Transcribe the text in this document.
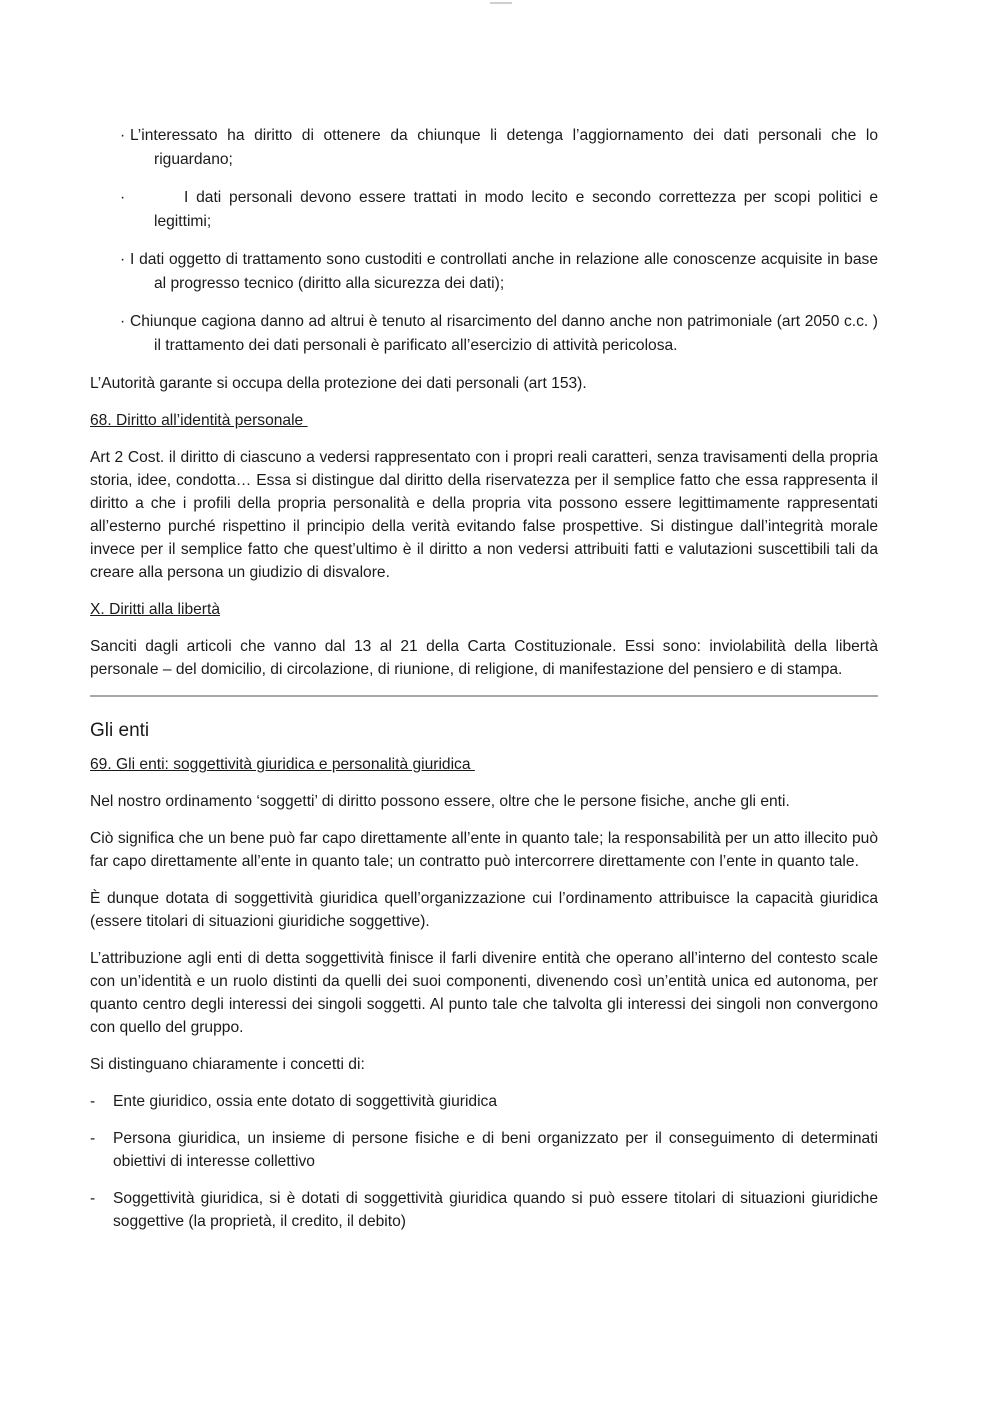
· L’interessato ha diritto di ottenere da chiunque li detenga l’aggiornamento dei dati personali che lo riguardano;
·	I dati personali devono essere trattati in modo lecito e secondo correttezza per scopi politici e legittimi;
· I dati oggetto di trattamento sono custoditi e controllati anche in relazione alle conoscenze acquisite in base al progresso tecnico (diritto alla sicurezza dei dati);
· Chiunque cagiona danno ad altrui è tenuto al risarcimento del danno anche non patrimoniale (art 2050 c.c. ) il trattamento dei dati personali è parificato all’esercizio di attività pericolosa.

L’Autorità garante si occupa della protezione dei dati personali (art 153).

68. Diritto all’identità personale

Art 2 Cost. il diritto di ciascuno a vedersi rappresentato con i propri reali caratteri, senza travisamenti della propria storia, idee, condotta… Essa si distingue dal diritto della riservatezza per il semplice fatto che essa rappresenta il diritto a che i profili della propria personalità e della propria vita possono essere legittimamente rappresentati all’esterno purché rispettino il principio della verità evitando false prospettive. Si distingue dall’integrità morale invece per il semplice fatto che quest’ultimo è il diritto a non vedersi attribuiti fatti e valutazioni suscettibili tali da creare alla persona un giudizio di disvalore.

X. Diritti alla libertà

Sanciti dagli articoli che vanno dal 13 al 21 della Carta Costituzionale. Essi sono: inviolabilità della libertà personale – del domicilio, di circolazione, di riunione, di religione, di manifestazione del pensiero e di stampa.

Gli enti
69. Gli enti: soggettività giuridica e personalità giuridica

Nel nostro ordinamento ‘soggetti’ di diritto possono essere, oltre che le persone fisiche, anche gli enti.

Ciò significa che un bene può far capo direttamente all’ente in quanto tale; la responsabilità per un atto illecito può far capo direttamente all’ente in quanto tale; un contratto può intercorrere direttamente con l’ente in quanto tale.

È dunque dotata di soggettività giuridica quell’organizzazione cui l’ordinamento attribuisce la capacità giuridica (essere titolari di situazioni giuridiche soggettive).

L’attribuzione agli enti di detta soggettività finisce il farli divenire entità che operano all’interno del contesto scale con un’identità e un ruolo distinti da quelli dei suoi componenti, divenendo così un’entità unica ed autonoma, per quanto centro degli interessi dei singoli soggetti. Al punto tale che talvolta gli interessi dei singoli non convergono con quello del gruppo.

Si distinguano chiaramente i concetti di:

- Ente giuridico, ossia ente dotato di soggettività giuridica
- Persona giuridica, un insieme di persone fisiche e di beni organizzato per il conseguimento di determinati obiettivi di interesse collettivo
- Soggettività giuridica, si è dotati di soggettività giuridica quando si può essere titolari di situazioni giuridiche soggettive (la proprietà, il credito, il debito)
